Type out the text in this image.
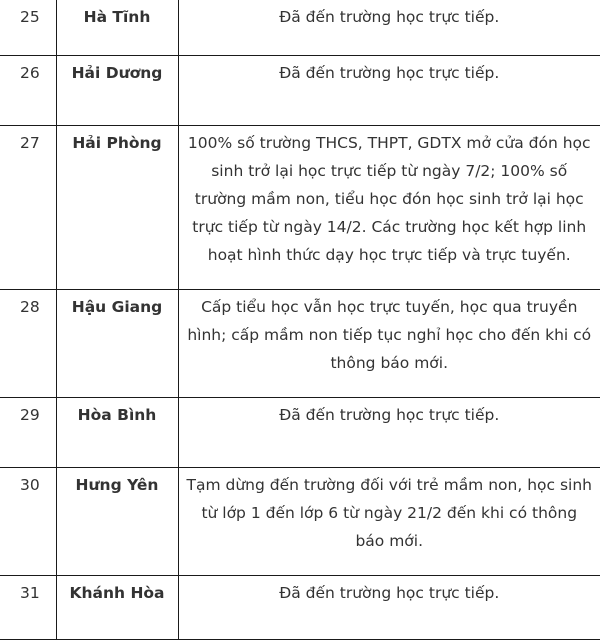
25	Hà Tĩnh	Đã đến trường học trực tiếp.
26	Hải Dương	Đã đến trường học trực tiếp.
27	Hải Phòng	100% số trường THCS, THPT, GDTX mở cửa đón học sinh trở lại học trực tiếp từ ngày 7/2; 100% số trường mầm non, tiểu học đón học sinh trở lại học trực tiếp từ ngày 14/2. Các trường học kết hợp linh hoạt hình thức dạy học trực tiếp và trực tuyến.
28	Hậu Giang	Cấp tiểu học vẫn học trực tuyến, học qua truyền hình; cấp mầm non tiếp tục nghỉ học cho đến khi có thông báo mới.
29	Hòa Bình	Đã đến trường học trực tiếp.
30	Hưng Yên	Tạm dừng đến trường đối với trẻ mầm non, học sinh từ lớp 1 đến lớp 6 từ ngày 21/2 đến khi có thông báo mới.
31	Khánh Hòa	Đã đến trường học trực tiếp.
